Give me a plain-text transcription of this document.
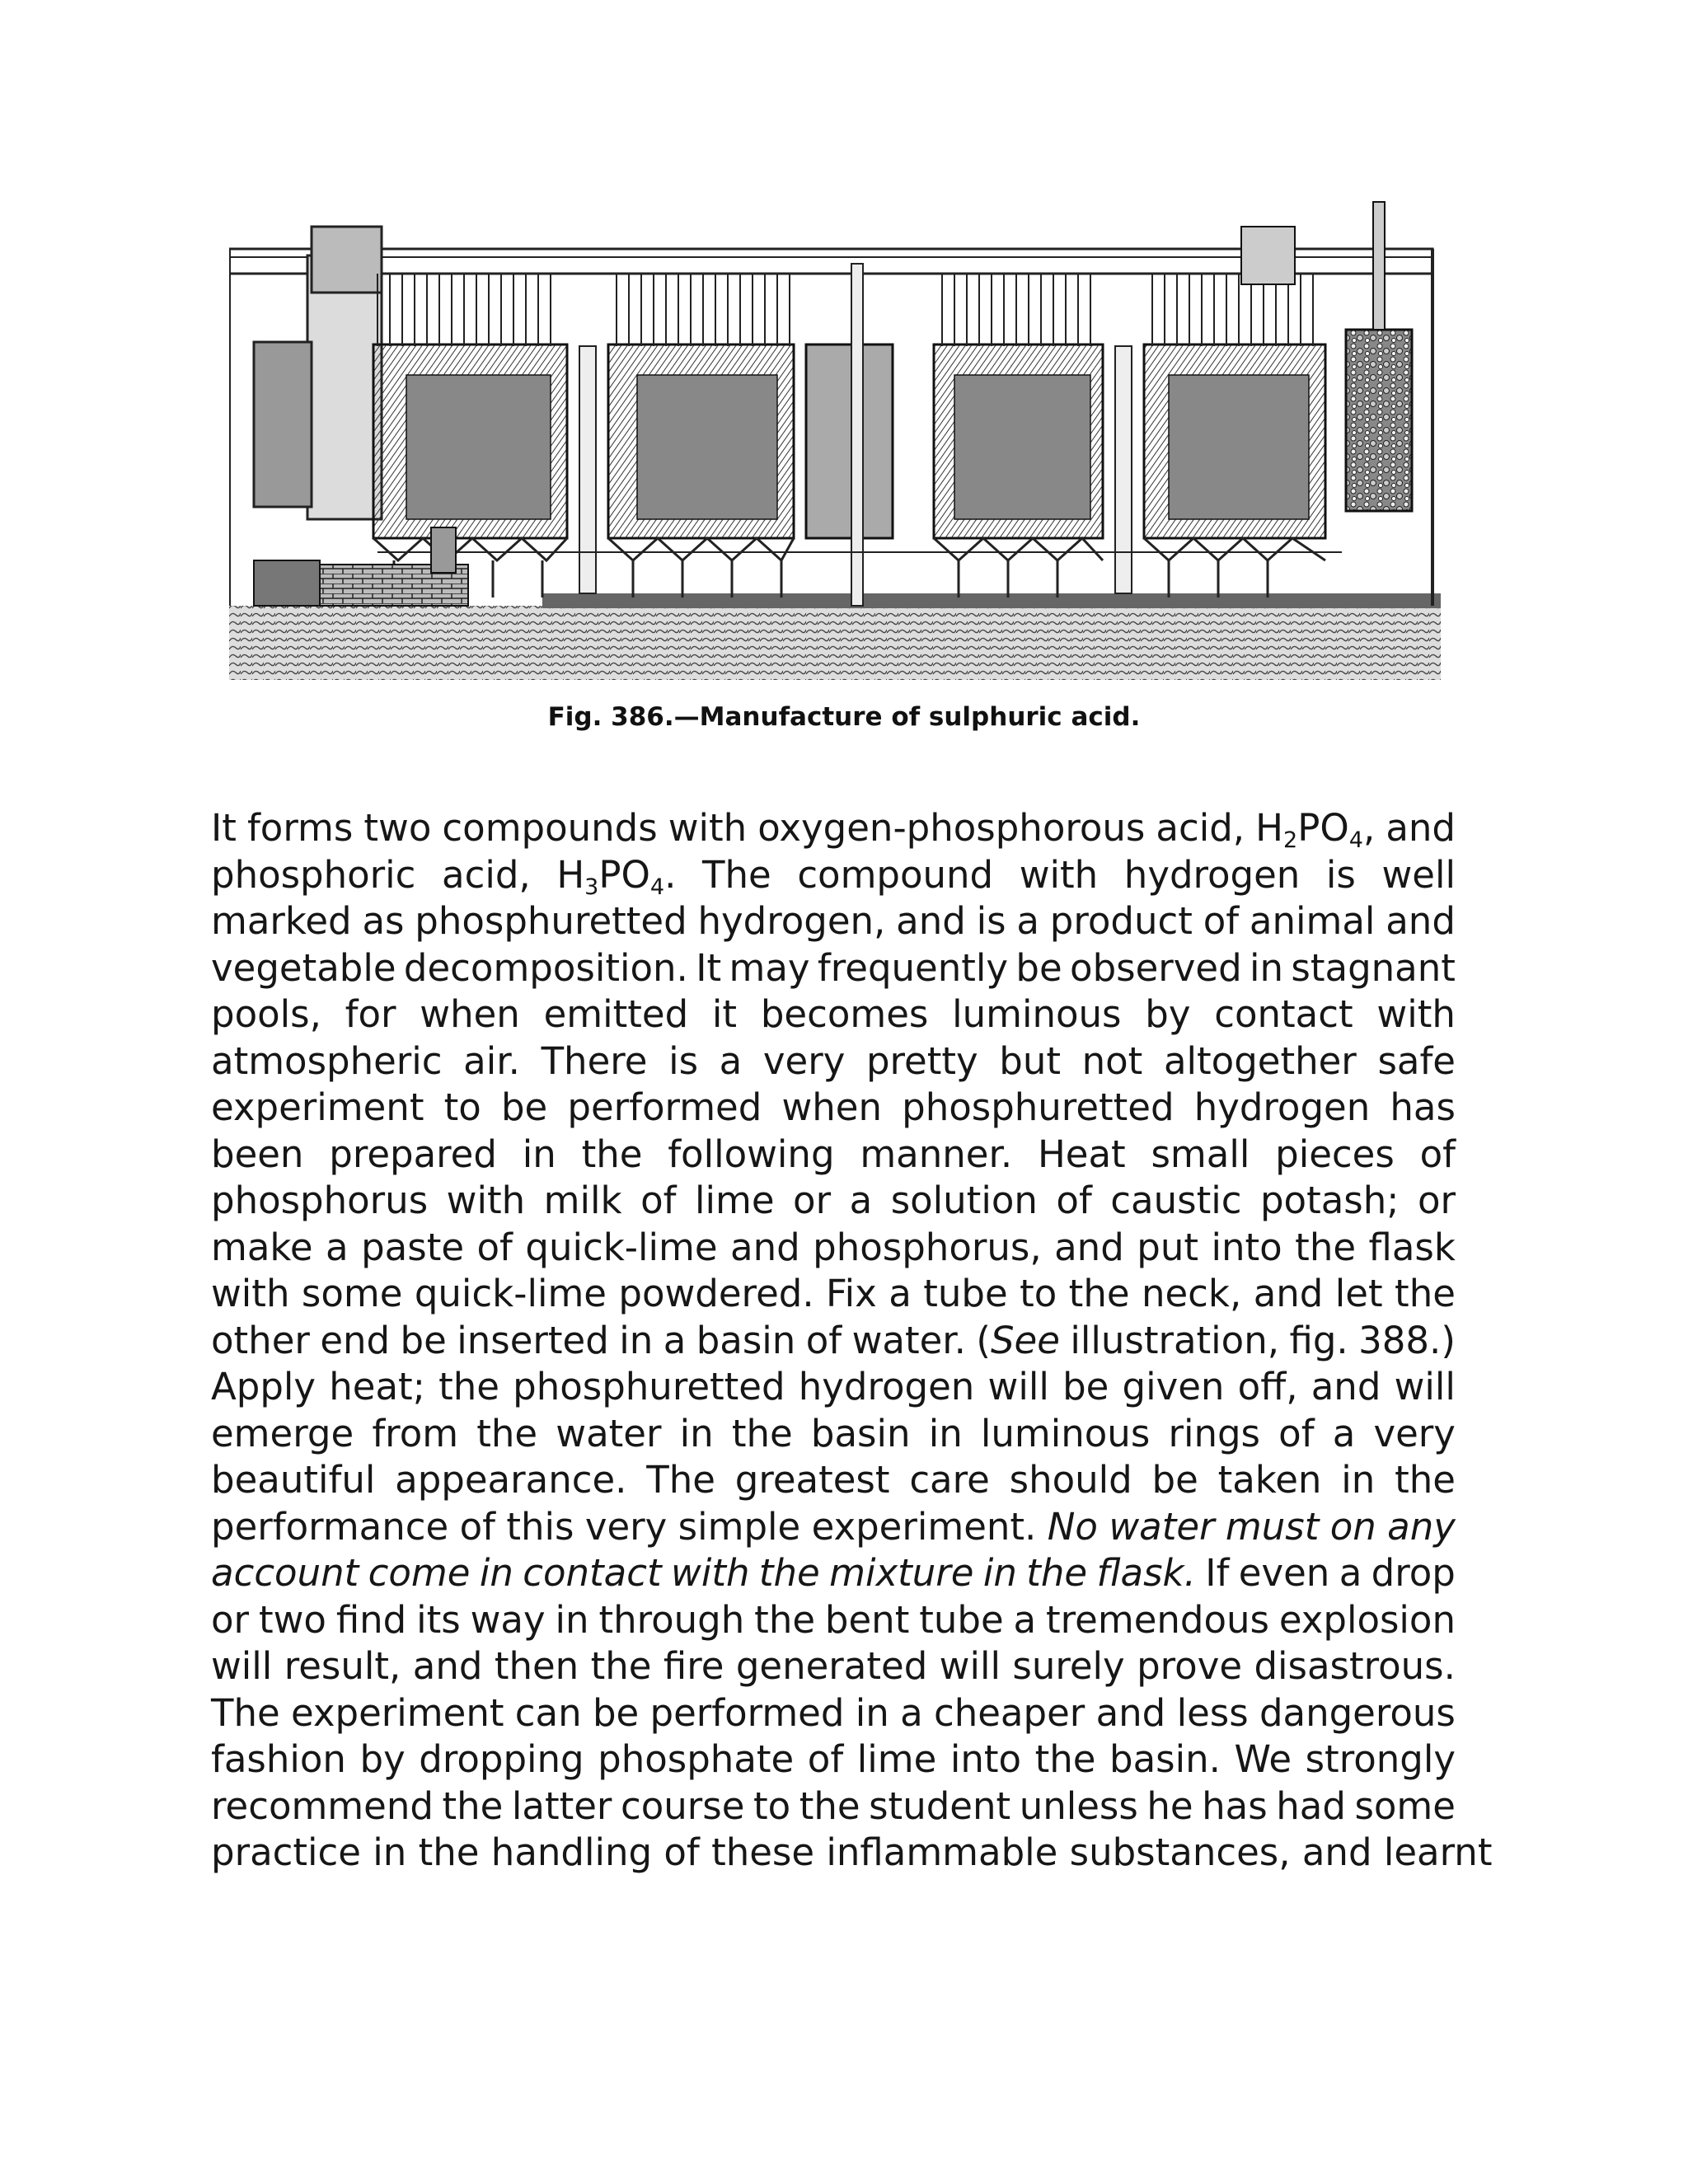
Fig. 386.—Manufacture of sulphuric acid.
It forms two compounds with oxygen-phosphorous acid, $H_2PO_4$, and
phosphoric acid, $H_3PO_4$. The compound with hydrogen is well
marked as phosphuretted hydrogen, and is a product of animal and
vegetable decomposition. It may frequently be observed in stagnant
pools, for when emitted it becomes luminous by contact with
atmospheric air. There is a very pretty but not altogether safe
experiment to be performed when phosphuretted hydrogen has
been prepared in the following manner. Heat small pieces of
phosphorus with milk of lime or a solution of caustic potash; or
make a paste of quick-lime and phosphorus, and put into the flask
with some quick-lime powdered. Fix a tube to the neck, and let the
other end be inserted in a basin of water. (See illustration, fig. 388.)
Apply heat; the phosphuretted hydrogen will be given off, and will
emerge from the water in the basin in luminous rings of a very
beautiful appearance. The greatest care should be taken in the
performance of this very simple experiment. No water must on any
account come in contact with the mixture in the flask. If even a drop
or two find its way in through the bent tube a tremendous explosion
will result, and then the fire generated will surely prove disastrous.
The experiment can be performed in a cheaper and less dangerous
fashion by dropping phosphate of lime into the basin. We strongly
recommend the latter course to the student unless he has had some
practice
in
the
handling
of
these
inflammable
substances,
and
learnt
